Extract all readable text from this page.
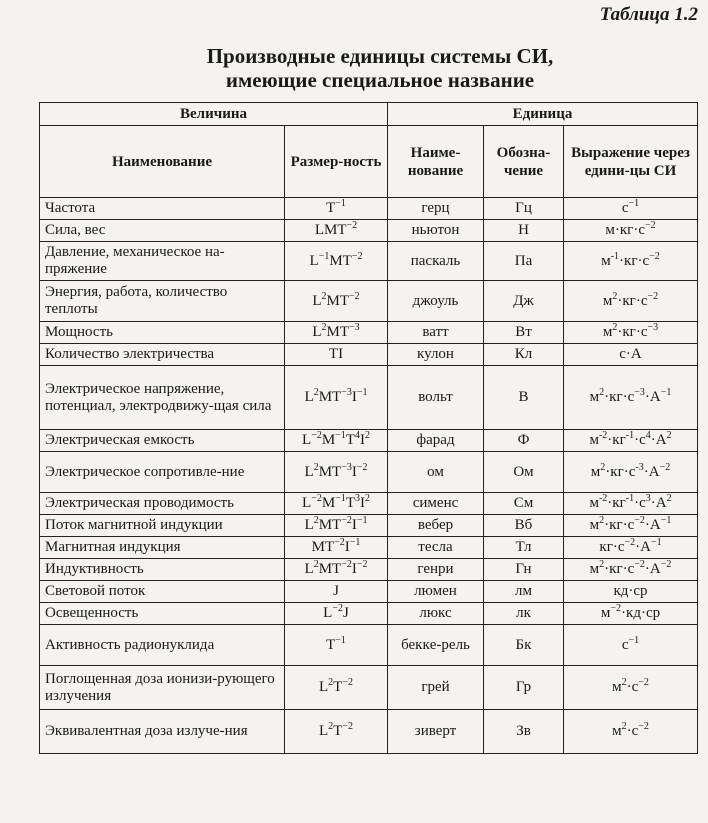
Таблица 1.2
Производные единицы системы СИ,
имеющие специальное название
Величина		Единица		
Наименование	Размер-ность	Наиме-нование	Обозна-чение	Выражение через едини-цы СИ
Частота	$T^{-1}$	герц	Гц	$с^{-1}$
Сила, вес	$LMT^{-2}$	ньютон	Н	$м\cdot кг\cdot с^{-2}$
Давление, механическое на-пряжение	$L^{-1}MT^{-2}$	паскаль	Па	$м^{-1}\cdot кг\cdot с^{-2}$
Энергия, работа, количество теплоты	$L^2MT^{-2}$	джоуль	Дж	$м^2\cdot кг\cdot с^{-2}$
Мощность	$L^2MT^{-3}$	ватт	Вт	$м^2\cdot кг\cdot с^{-3}$
Количество электричества	TI	кулон	Кл	с·А
Электрическое напряжение, потенциал, электродвижу-щая сила	$L^2MT^{-3}I^{-1}$	вольт	В	$м^2\cdot кг\cdot с^{-3}\cdot А^{-1}$
Электрическая емкость	$L^{-2}M^{-1}T^4I^2$	фарад	Ф	$м^{-2}\cdot кг^{-1}\cdot с^4\cdot А^2$
Электрическое сопротивле-ние	$L^2MT^{-3}I^{-2}$	ом	Ом	$м^2\cdot кг\cdot с^{-3}\cdot А^{-2}$
Электрическая проводимость	$L^{-2}M^{-1}T^3I^2$	сименс	См	$м^{-2}\cdot кг^{-1}\cdot с^3\cdot А^2$
Поток магнитной индукции	$L^2MT^{-2}I^{-1}$	вебер	Вб	$м^2\cdot кг\cdot с^{-2}\cdot А^{-1}$
Магнитная индукция	$MT^{-2}I^{-1}$	тесла	Тл	$кг\cdot с^{-2}\cdot А^{-1}$
Индуктивность	$L^2MT^{-2}I^{-2}$	генри	Гн	$м^2\cdot кг\cdot с^{-2}\cdot А^{-2}$
Световой поток	J	люмен	лм	кд·ср
Освещенность	$L^{-2}J$	люкс	лк	$м^{-2}\cdot кд\cdot ср$
Активность радионуклида	$T^{-1}$	беккe-рель	Бк	$с^{-1}$
Поглощенная доза ионизи-рующего излучения	$L^2T^{-2}$	грей	Гр	$м^2\cdot с^{-2}$
Эквивалентная доза излуче-ния	$L^2T^{-2}$	зиверт	Зв	$м^2\cdot с^{-2}$
